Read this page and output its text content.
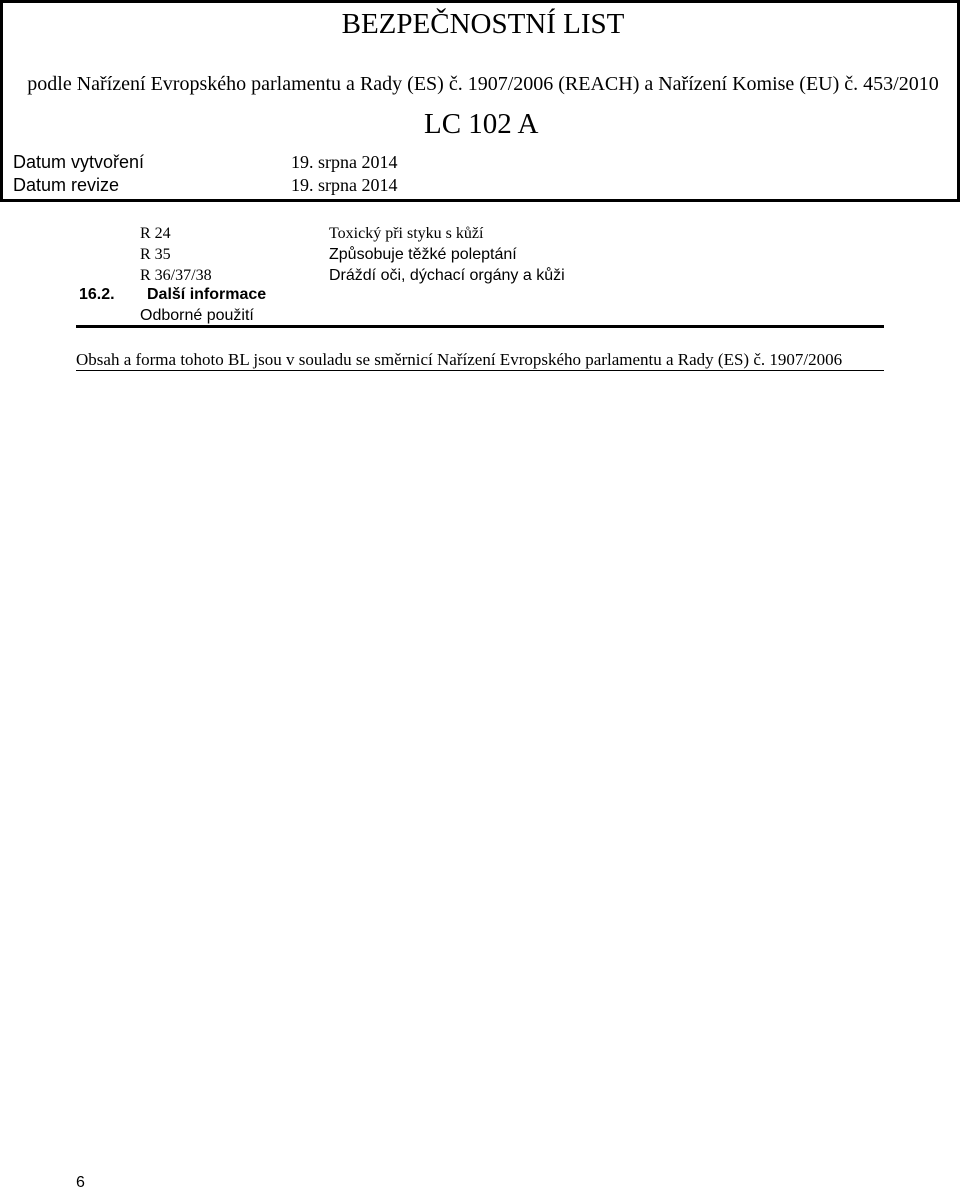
BEZPEČNOSTNÍ LIST
podle Nařízení Evropského parlamentu a Rady (ES) č. 1907/2006 (REACH) a Nařízení Komise (EU) č. 453/2010
LC 102 A
Datum vytvoření	19. srpna 2014
Datum revize	19. srpna 2014
R 24	Toxický při styku s kůží
R 35	Způsobuje těžké poleptání
R 36/37/38	Dráždí oči, dýchací orgány a kůži
16.2. Další informace
Odborné použití
Obsah a forma tohoto BL jsou v souladu se směrnicí Nařízení Evropského parlamentu a Rady (ES) č. 1907/2006
6
